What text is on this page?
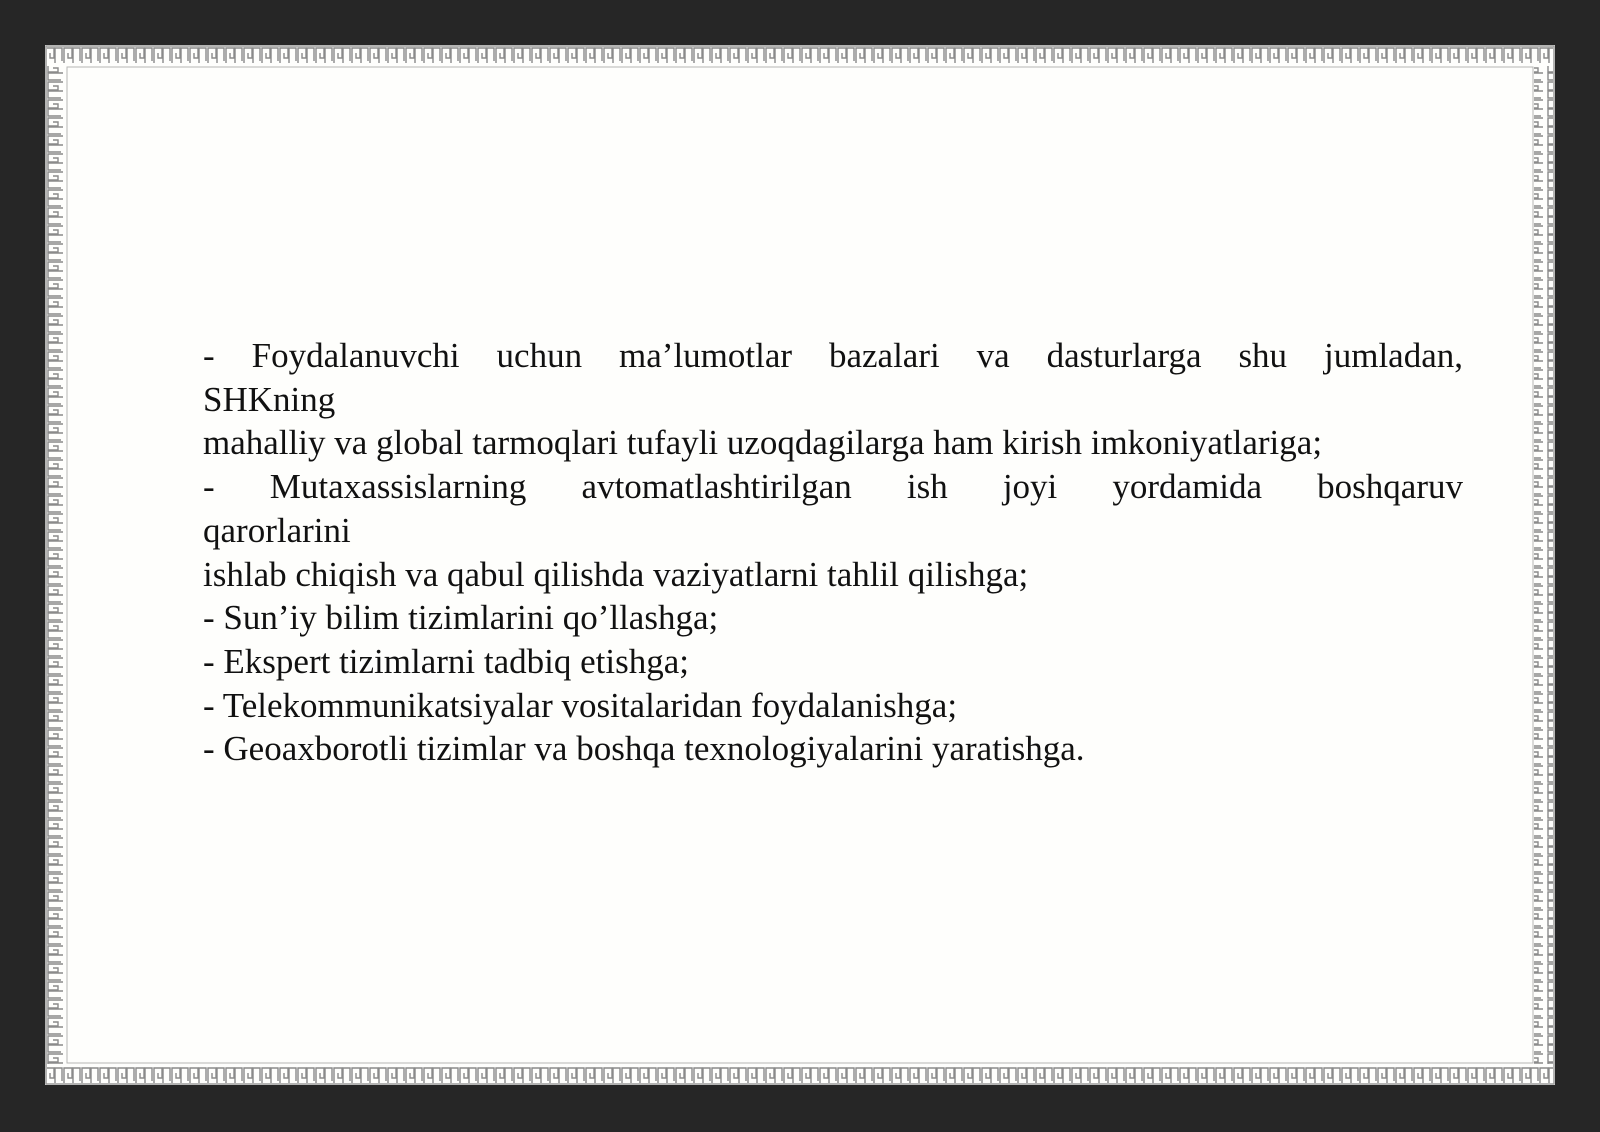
- Foydalanuvchi uchun ma’lumotlar bazalari va dasturlarga shu jumladan,
SHKning
mahalliy va global tarmoqlari tufayli uzoqdagilarga ham kirish imkoniyatlariga;
- Mutaxassislarning avtomatlashtirilgan ish joyi yordamida boshqaruv
qarorlarini
ishlab chiqish va qabul qilishda vaziyatlarni tahlil qilishga;
- Sun’iy bilim tizimlarini qo’llashga;
- Ekspert tizimlarni tadbiq etishga;
- Telekommunikatsiyalar vositalaridan foydalanishga;
- Geoaxborotli tizimlar va boshqa texnologiyalarini yaratishga.
